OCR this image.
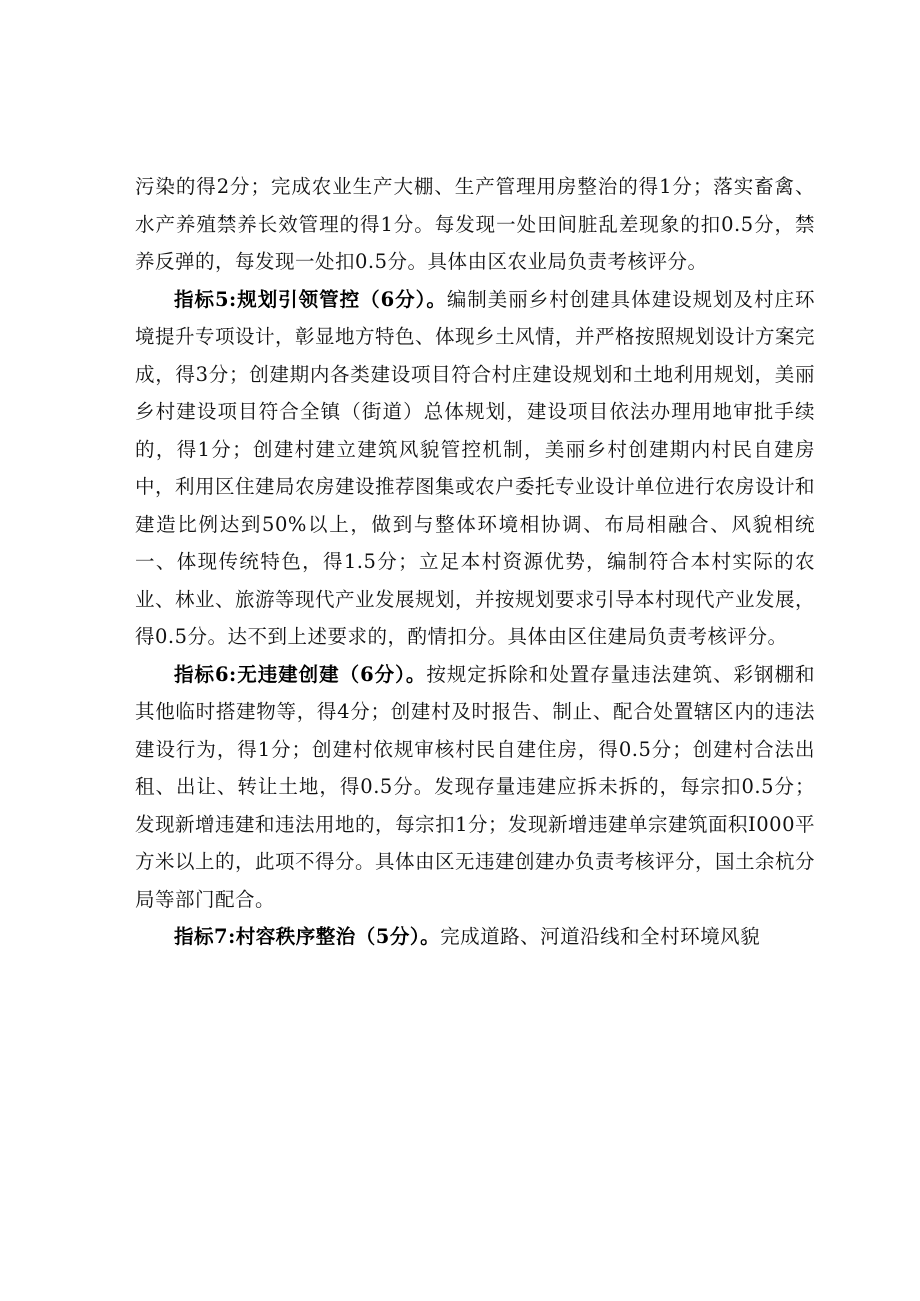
污染的得2分；完成农业生产大棚、生产管理用房整治的得1分；落实畜禽、水产养殖禁养长效管理的得1分。每发现一处田间脏乱差现象的扣0.5分，禁养反弹的，每发现一处扣0.5分。具体由区农业局负责考核评分。

指标5:规划引领管控（6分）。编制美丽乡村创建具体建设规划及村庄环境提升专项设计，彰显地方特色、体现乡土风情，并严格按照规划设计方案完成，得3分；创建期内各类建设项目符合村庄建设规划和土地利用规划，美丽乡村建设项目符合全镇（街道）总体规划，建设项目依法办理用地审批手续的，得1分；创建村建立建筑风貌管控机制，美丽乡村创建期内村民自建房中，利用区住建局农房建设推荐图集或农户委托专业设计单位进行农房设计和建造比例达到50%以上，做到与整体环境相协调、布局相融合、风貌相统一、体现传统特色，得1.5分；立足本村资源优势，编制符合本村实际的农业、林业、旅游等现代产业发展规划，并按规划要求引导本村现代产业发展，得0.5分。达不到上述要求的，酌情扣分。具体由区住建局负责考核评分。

指标6:无违建创建（6分）。按规定拆除和处置存量违法建筑、彩钢棚和其他临时搭建物等，得4分；创建村及时报告、制止、配合处置辖区内的违法建设行为，得1分；创建村依规审核村民自建住房，得0.5分；创建村合法出租、出让、转让土地，得0.5分。发现存量违建应拆未拆的，每宗扣0.5分；发现新增违建和违法用地的，每宗扣1分；发现新增违建单宗建筑面积I000平方米以上的，此项不得分。具体由区无违建创建办负责考核评分，国土余杭分局等部门配合。

指标7:村容秩序整治（5分）。完成道路、河道沿线和全村环境风貌
